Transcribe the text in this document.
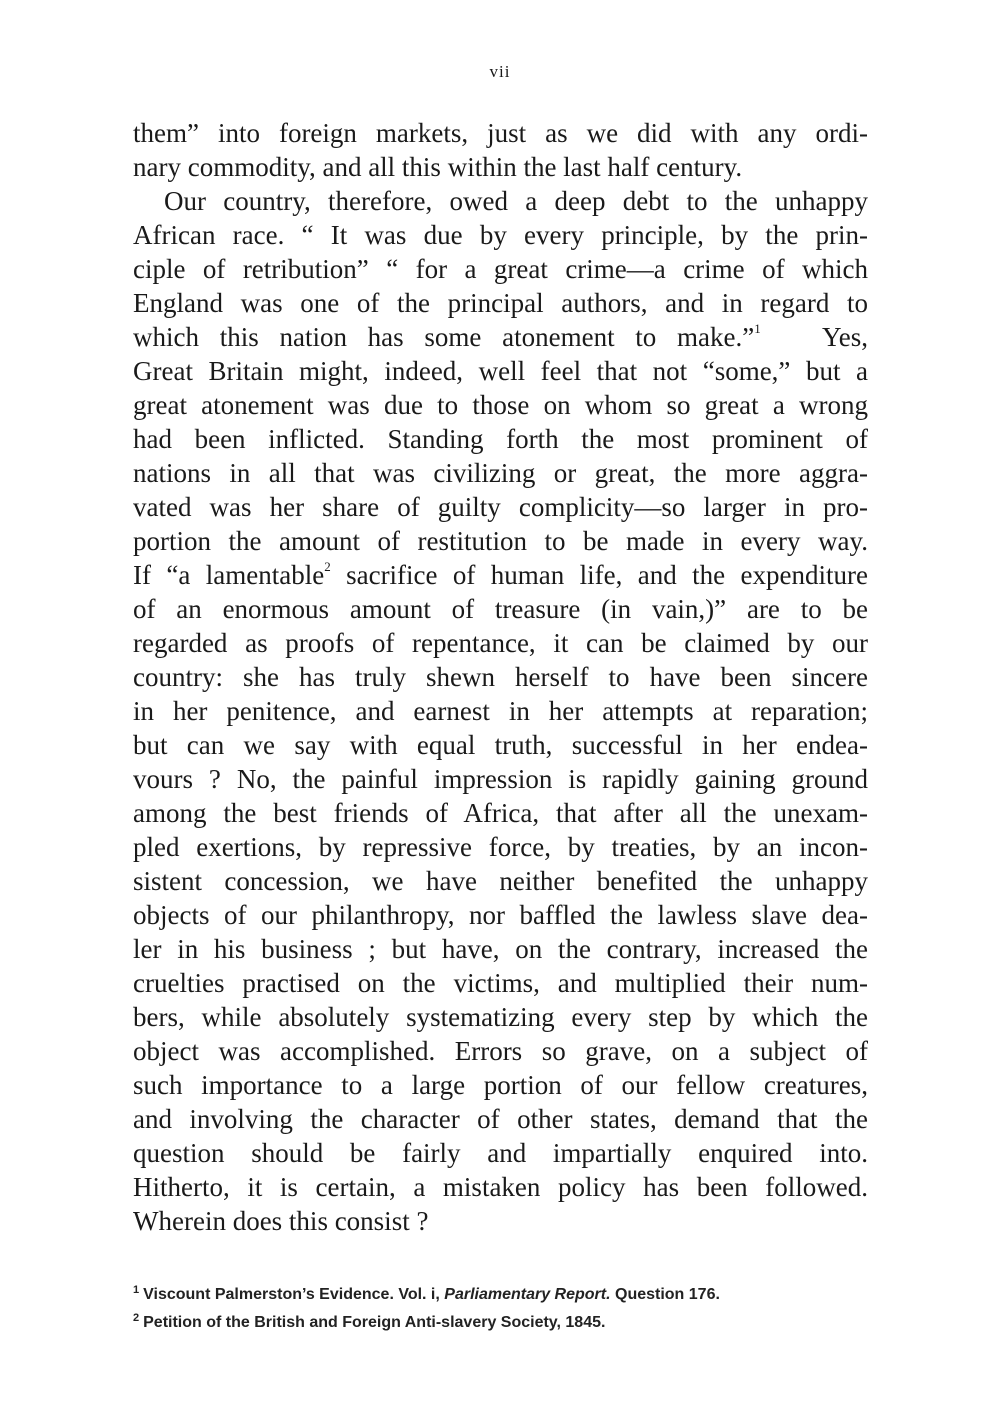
vii
them” into foreign markets, just as we did with any ordi-
nary commodity, and all this within the last half century.
Our country, therefore, owed a deep debt to the unhappy
African race. “ It was due by every principle, by the prin-
ciple of retribution” “ for a great crime—a crime of which
England was one of the principal authors, and in regard to
which this nation has some atonement to make.”$^1$ Yes,
Great Britain might, indeed, well feel that not “some,” but a
great atonement was due to those on whom so great a wrong
had been inflicted. Standing forth the most prominent of
nations in all that was civilizing or great, the more aggra-
vated was her share of guilty complicity—so larger in pro-
portion the amount of restitution to be made in every way.
If “a lamentable$^2$ sacrifice of human life, and the expenditure
of an enormous amount of treasure (in vain,)” are to be
regarded as proofs of repentance, it can be claimed by our
country: she has truly shewn herself to have been sincere
in her penitence, and earnest in her attempts at reparation;
but can we say with equal truth, successful in her endea-
vours ? No, the painful impression is rapidly gaining ground
among the best friends of Africa, that after all the unexam-
pled exertions, by repressive force, by treaties, by an incon-
sistent concession, we have neither benefited the unhappy
objects of our philanthropy, nor baffled the lawless slave dea-
ler in his business ; but have, on the contrary, increased the
cruelties practised on the victims, and multiplied their num-
bers, while absolutely systematizing every step by which the
object was accomplished. Errors so grave, on a subject of
such importance to a large portion of our fellow creatures,
and involving the character of other states, demand that the
question should be fairly and impartially enquired into.
Hitherto, it is certain, a mistaken policy has been followed.
Wherein does this consist ?
$^1$ Viscount Palmerston’s Evidence. Vol. i, Parliamentary Report. Question 176.
$^2$ Petition of the British and Foreign Anti-slavery Society, 1845.
